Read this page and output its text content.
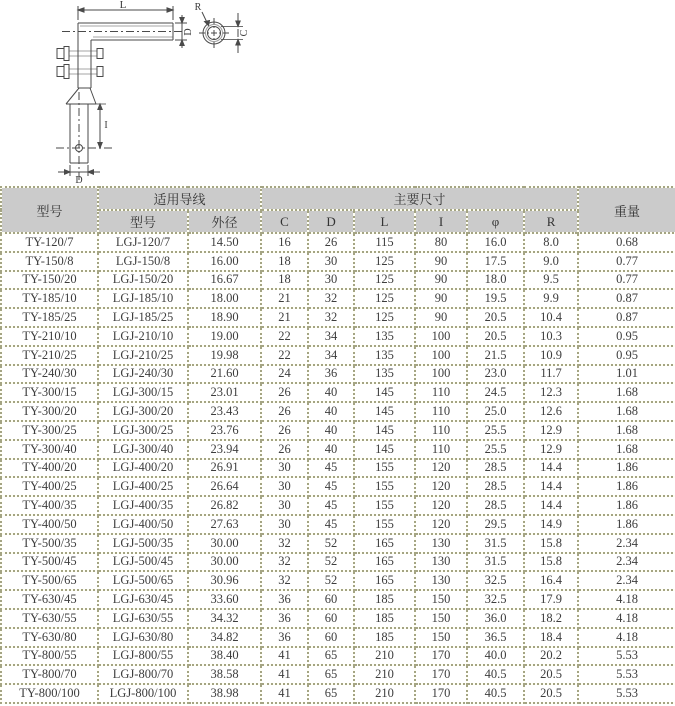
L
D
R
C
I
D
型号	适用导线		主要尺寸						重量
	型号	外径	C	D	L	I	φ	R	
TY-120/7	LGJ-120/7	14.50	16	26	115	80	16.0	8.0	0.68
TY-150/8	LGJ-150/8	16.00	18	30	125	90	17.5	9.0	0.77
TY-150/20	LGJ-150/20	16.67	18	30	125	90	18.0	9.5	0.77
TY-185/10	LGJ-185/10	18.00	21	32	125	90	19.5	9.9	0.87
TY-185/25	LGJ-185/25	18.90	21	32	125	90	20.5	10.4	0.87
TY-210/10	LGJ-210/10	19.00	22	34	135	100	20.5	10.3	0.95
TY-210/25	LGJ-210/25	19.98	22	34	135	100	21.5	10.9	0.95
TY-240/30	LGJ-240/30	21.60	24	36	135	100	23.0	11.7	1.01
TY-300/15	LGJ-300/15	23.01	26	40	145	110	24.5	12.3	1.68
TY-300/20	LGJ-300/20	23.43	26	40	145	110	25.0	12.6	1.68
TY-300/25	LGJ-300/25	23.76	26	40	145	110	25.5	12.9	1.68
TY-300/40	LGJ-300/40	23.94	26	40	145	110	25.5	12.9	1.68
TY-400/20	LGJ-400/20	26.91	30	45	155	120	28.5	14.4	1.86
TY-400/25	LGJ-400/25	26.64	30	45	155	120	28.5	14.4	1.86
TY-400/35	LGJ-400/35	26.82	30	45	155	120	28.5	14.4	1.86
TY-400/50	LGJ-400/50	27.63	30	45	155	120	29.5	14.9	1.86
TY-500/35	LGJ-500/35	30.00	32	52	165	130	31.5	15.8	2.34
TY-500/45	LGJ-500/45	30.00	32	52	165	130	31.5	15.8	2.34
TY-500/65	LGJ-500/65	30.96	32	52	165	130	32.5	16.4	2.34
TY-630/45	LGJ-630/45	33.60	36	60	185	150	32.5	17.9	4.18
TY-630/55	LGJ-630/55	34.32	36	60	185	150	36.0	18.2	4.18
TY-630/80	LGJ-630/80	34.82	36	60	185	150	36.5	18.4	4.18
TY-800/55	LGJ-800/55	38.40	41	65	210	170	40.0	20.2	5.53
TY-800/70	LGJ-800/70	38.58	41	65	210	170	40.5	20.5	5.53
TY-800/100	LGJ-800/100	38.98	41	65	210	170	40.5	20.5	5.53
